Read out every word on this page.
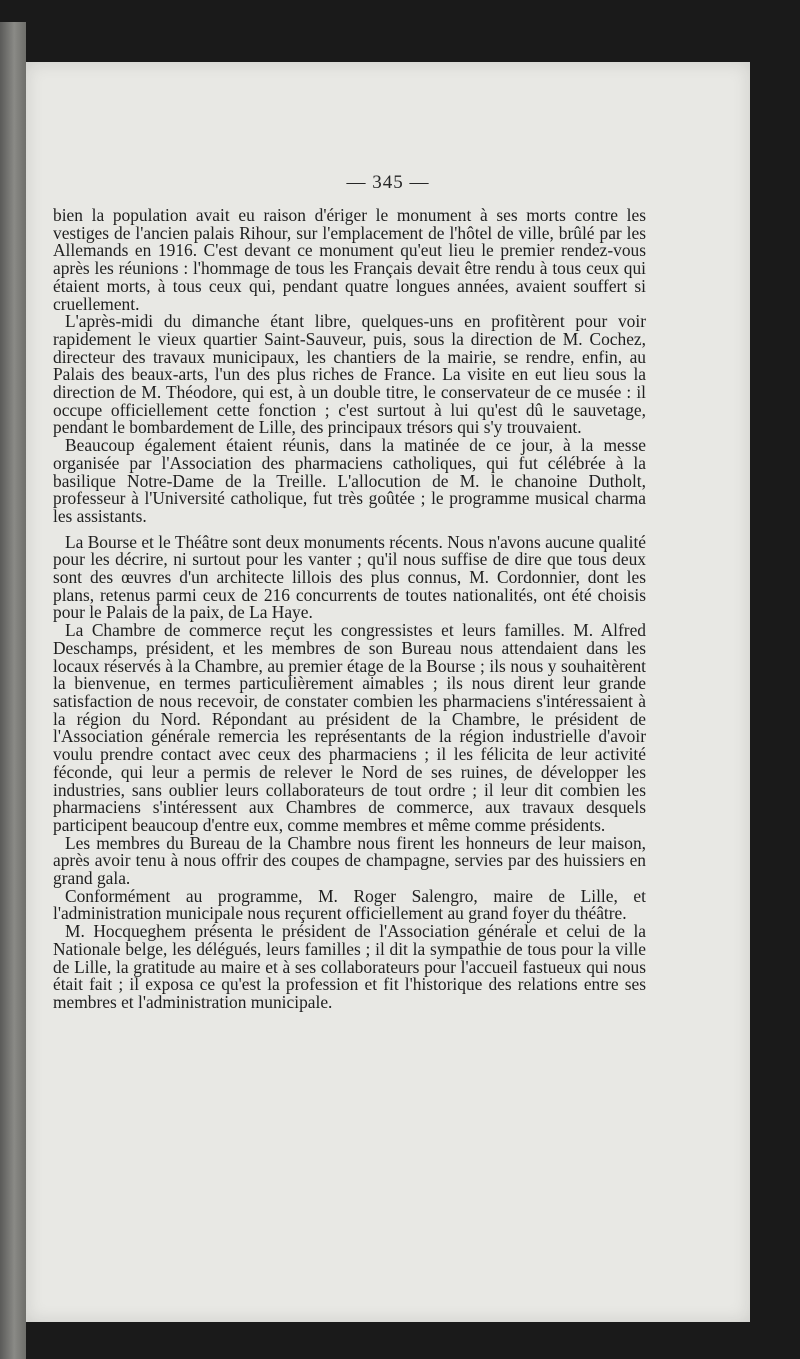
— 345 —

bien la population avait eu raison d'ériger le monument à ses morts contre les vestiges de l'ancien palais Rihour, sur l'emplacement de l'hôtel de ville, brûlé par les Allemands en 1916. C'est devant ce monument qu'eut lieu le premier rendez-vous après les réunions : l'hommage de tous les Français devait être rendu à tous ceux qui étaient morts, à tous ceux qui, pendant quatre longues années, avaient souffert si cruellement.

L'après-midi du dimanche étant libre, quelques-uns en profitèrent pour voir rapidement le vieux quartier Saint-Sauveur, puis, sous la direction de M. Cochez, directeur des travaux municipaux, les chantiers de la mairie, se rendre, enfin, au Palais des beaux-arts, l'un des plus riches de France. La visite en eut lieu sous la direction de M. Théodore, qui est, à un double titre, le conservateur de ce musée : il occupe officiellement cette fonction ; c'est surtout à lui qu'est dû le sauvetage, pendant le bombardement de Lille, des principaux trésors qui s'y trouvaient.

Beaucoup également étaient réunis, dans la matinée de ce jour, à la messe organisée par l'Association des pharmaciens catholiques, qui fut célébrée à la basilique Notre-Dame de la Treille. L'allocution de M. le chanoine Dutholt, professeur à l'Université catholique, fut très goûtée ; le programme musical charma les assistants.

La Bourse et le Théâtre sont deux monuments récents. Nous n'avons aucune qualité pour les décrire, ni surtout pour les vanter ; qu'il nous suffise de dire que tous deux sont des œuvres d'un architecte lillois des plus connus, M. Cordonnier, dont les plans, retenus parmi ceux de 216 concurrents de toutes nationalités, ont été choisis pour le Palais de la paix, de La Haye.

La Chambre de commerce reçut les congressistes et leurs familles. M. Alfred Deschamps, président, et les membres de son Bureau nous attendaient dans les locaux réservés à la Chambre, au premier étage de la Bourse ; ils nous y souhaitèrent la bienvenue, en termes particulièrement aimables ; ils nous dirent leur grande satisfaction de nous recevoir, de constater combien les pharmaciens s'intéressaient à la région du Nord. Répondant au président de la Chambre, le président de l'Association générale remercia les représentants de la région industrielle d'avoir voulu prendre contact avec ceux des pharmaciens ; il les félicita de leur activité féconde, qui leur a permis de relever le Nord de ses ruines, de développer les industries, sans oublier leurs collaborateurs de tout ordre ; il leur dit combien les pharmaciens s'intéressent aux Chambres de commerce, aux travaux desquels participent beaucoup d'entre eux, comme membres et même comme présidents.

Les membres du Bureau de la Chambre nous firent les honneurs de leur maison, après avoir tenu à nous offrir des coupes de champagne, servies par des huissiers en grand gala.

Conformément au programme, M. Roger Salengro, maire de Lille, et l'administration municipale nous reçurent officiellement au grand foyer du théâtre.

M. Hocqueghem présenta le président de l'Association générale et celui de la Nationale belge, les délégués, leurs familles ; il dit la sympathie de tous pour la ville de Lille, la gratitude au maire et à ses collaborateurs pour l'accueil fastueux qui nous était fait ; il exposa ce qu'est la profession et fit l'historique des relations entre ses membres et l'administration municipale.
